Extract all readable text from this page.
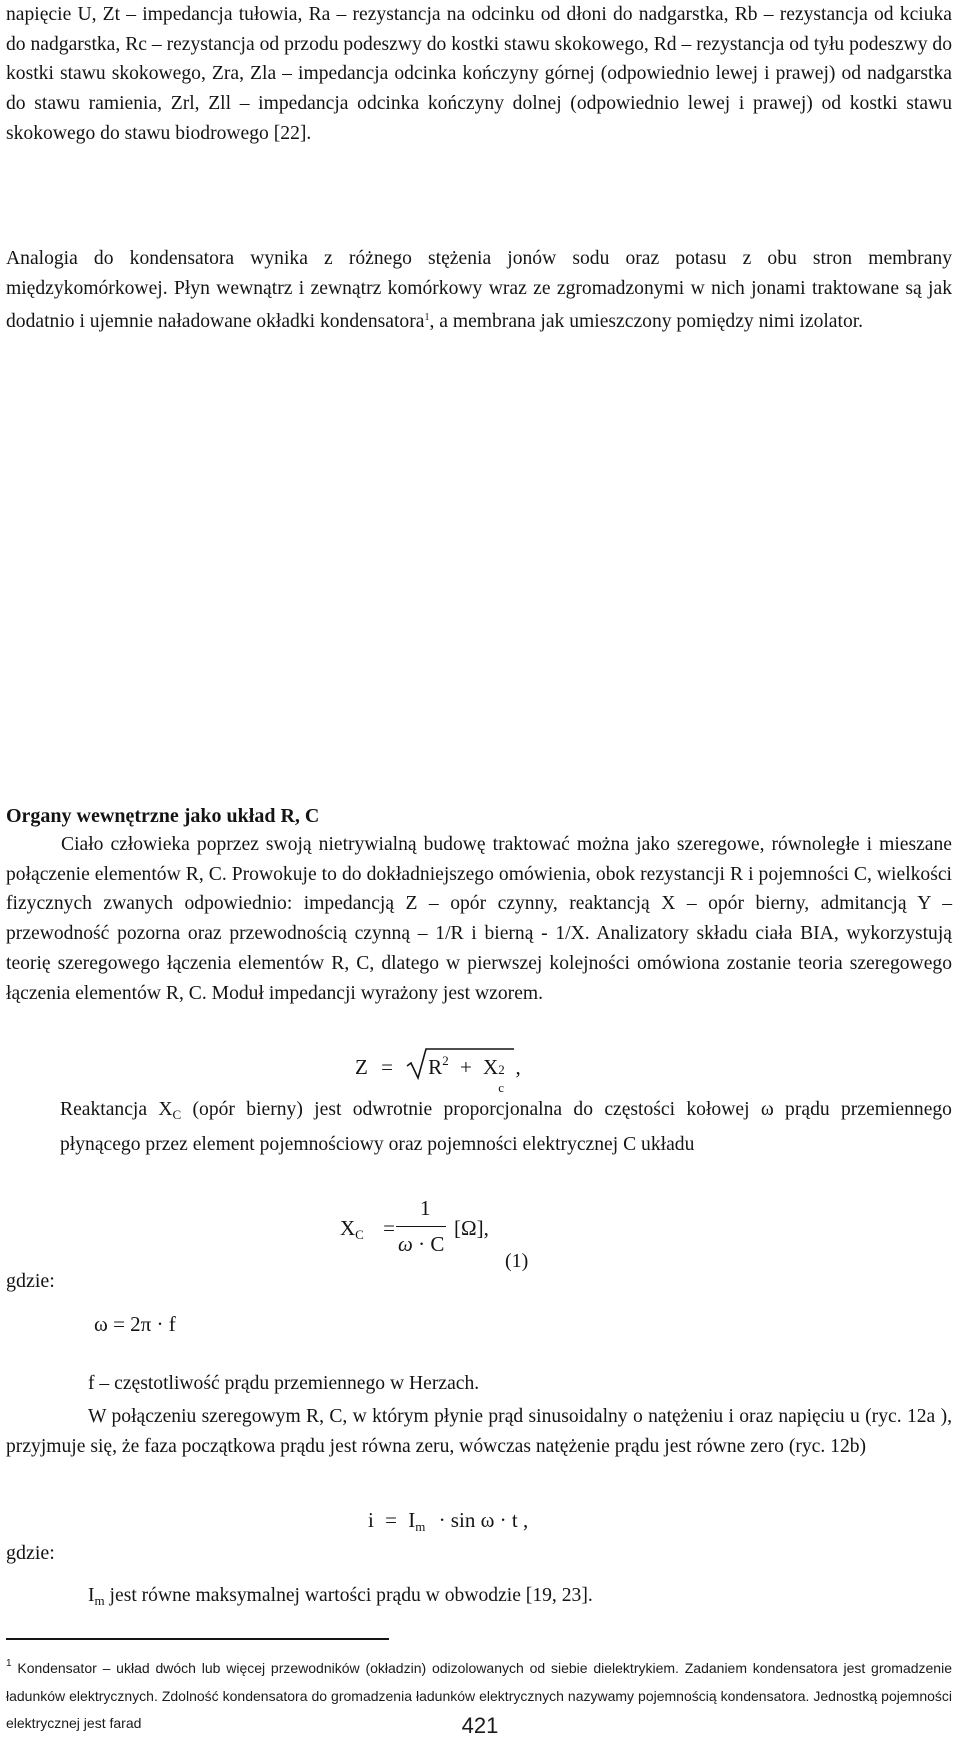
napięcie U, Zt – impedancja tułowia, Ra – rezystancja na odcinku od dłoni do nadgarstka, Rb – rezystancja od kciuka do nadgarstka, Rc – rezystancja od przodu podeszwy do kostki stawu skokowego, Rd – rezystancja od tyłu podeszwy do kostki stawu skokowego, Zra, Zla – impedancja odcinka kończyny górnej (odpowiednio lewej i prawej) od nadgarstka do stawu ramienia, Zrl, Zll – impedancja odcinka kończyny dolnej (odpowiednio lewej i prawej) od kostki stawu skokowego do stawu biodrowego [22].

Analogia do kondensatora wynika z różnego stężenia jonów sodu oraz potasu z obu stron membrany międzykomórkowej. Płyn wewnątrz i zewnątrz komórkowy wraz ze zgromadzonymi w nich jonami traktowane są jak dodatnio i ujemnie naładowane okładki kondensatora$^1$, a membrana jak umieszczony pomiędzy nimi izolator.

Organy wewnętrzne jako układ R, C

Ciało człowieka poprzez swoją nietrywialną budowę traktować można jako szeregowe, równoległe i mieszane połączenie elementów R, C. Prowokuje to do dokładniejszego omówienia, obok rezystancji R i pojemności C, wielkości fizycznych zwanych odpowiednio: impedancją Z – opór czynny, reaktancją X – opór bierny, admitancją Y – przewodność pozorna oraz przewodnością czynną – 1/R i bierną - 1/X. Analizatory składu ciała BIA, wykorzystują teorię szeregowego łączenia elementów R, C, dlatego w pierwszej kolejności omówiona zostanie teoria szeregowego łączenia elementów R, C. Moduł impedancji wyrażony jest wzorem.

$Z = R^2 + X$ 2
c
,

Reaktancja $X_C$ (opór bierny) jest odwrotnie proporcjonalna do częstości kołowej ω prądu przemiennego płynącego przez element pojemnościowy oraz pojemności elektrycznej C układu

$X_C$ =
1
ω · C
[Ω],
(1)
gdzie:
ω = 2π · f

f – częstotliwość prądu przemiennego w Herzach.

W połączeniu szeregowym R, C, w którym płynie prąd sinusoidalny o natężeniu i oraz napięciu u (ryc. 12a ), przyjmuje się, że faza początkowa prądu jest równa zeru, wówczas natężenie prądu jest równe zero (ryc. 12b)

$i = I_m \cdot \sin \omega \cdot t$ ,
gdzie:

$I_m$ jest równe maksymalnej wartości prądu w obwodzie [19, 23].

$^1$ Kondensator – układ dwóch lub więcej przewodników (okładzin) odizolowanych od siebie dielektrykiem. Zadaniem kondensatora jest gromadzenie ładunków elektrycznych. Zdolność kondensatora do gromadzenia ładunków elektrycznych nazywamy pojemnością kondensatora. Jednostką pojemności elektrycznej jest farad	421
